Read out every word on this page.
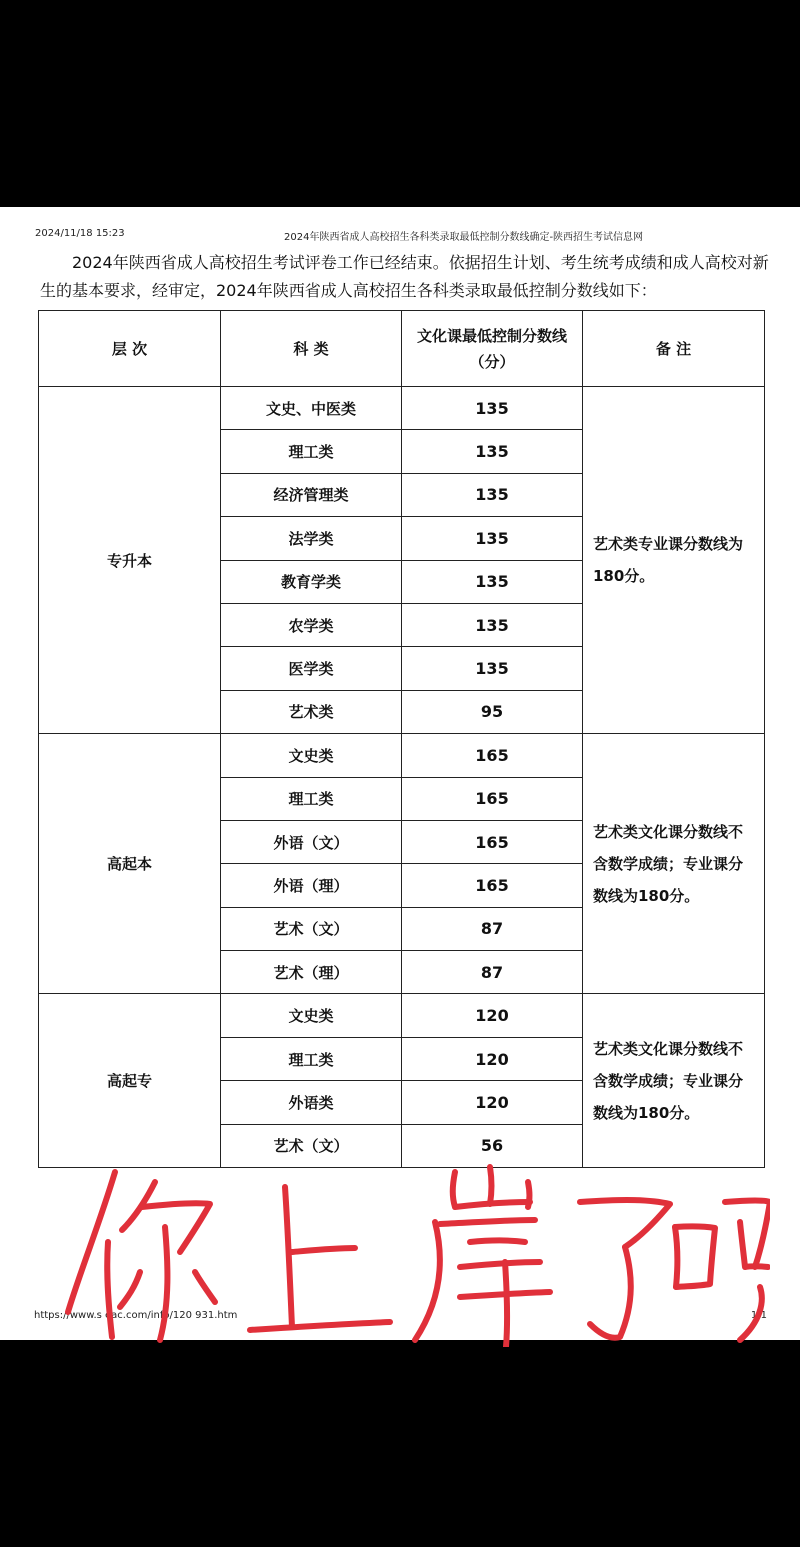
2024/11/18 15:23	2024年陕西省成人高校招生各科类录取最低控制分数线确定-陕西招生考试信息网
2024年陕西省成人高校招生考试评卷工作已经结束。依据招生计划、考生统考成绩和成人高校对新生的基本要求，经审定，2024年陕西省成人高校招生各科类录取最低控制分数线如下：
层 次	科 类	文化课最低控制分数线（分）	备 注
专升本	文史、中医类	135	艺术类专业课分数线为180分。
	理工类	135	
	经济管理类	135	
	法学类	135	
	教育学类	135	
	农学类	135	
	医学类	135	
	艺术类	95	
高起本	文史类	165	艺术类文化课分数线不含数学成绩；专业课分数线为180分。
	理工类	165	
	外语（文）	165	
	外语（理）	165	
	艺术（文）	87	
	艺术（理）	87	
高起专	文史类	120	艺术类文化课分数线不含数学成绩；专业课分数线为180分。
	理工类	120	
	外语类	120	
	艺术（文）	56	
https://www.s eac.com/info/120 931.htm	1/1
